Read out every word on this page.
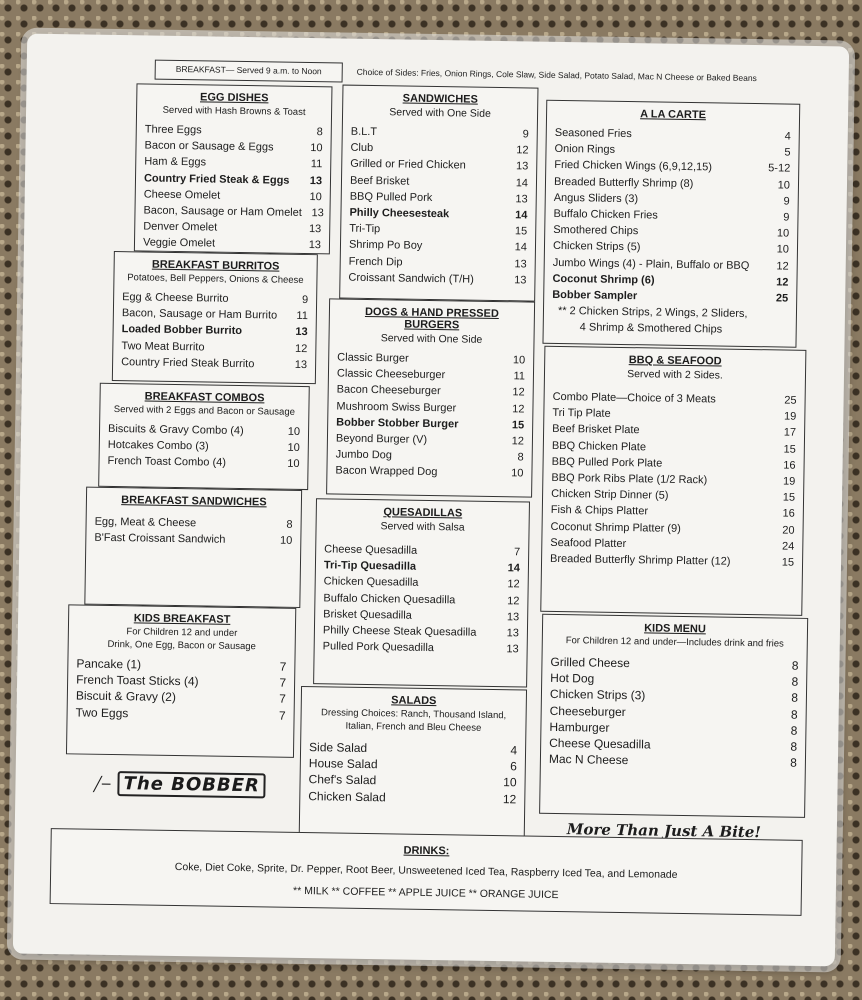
BREAKFAST— Served 9 a.m. to Noon	Choice of Sides: Fries, Onion Rings, Cole Slaw, Side Salad, Potato Salad, Mac N Cheese or Baked Beans
EGG DISHES
Served with Hash Browns & Toast
Three Eggs	8
Bacon or Sausage & Eggs	10
Ham & Eggs	11
Country Fried Steak & Eggs	13
Cheese Omelet	10
Bacon, Sausage or Ham Omelet 13
Denver Omelet	13
Veggie Omelet	13
BREAKFAST BURRITOS
Potatoes, Bell Peppers, Onions & Cheese
Egg & Cheese Burrito	9
Bacon, Sausage or Ham Burrito	11
Loaded Bobber Burrito	13
Two Meat Burrito	12
Country Fried Steak Burrito	13
BREAKFAST COMBOS
Served with 2 Eggs and Bacon or Sausage
Biscuits & Gravy Combo (4)	10
Hotcakes Combo (3)	10
French Toast Combo (4)	10
BREAKFAST SANDWICHES
Egg, Meat & Cheese	8
B'Fast Croissant Sandwich	10
KIDS BREAKFAST
For Children 12 and under
Drink, One Egg, Bacon or Sausage
Pancake (1)	7
French Toast Sticks (4)	7
Biscuit & Gravy (2)	7
Two Eggs	7
╱─ The BOBBER
SANDWICHES
Served with One Side
B.L.T	9
Club	12
Grilled or Fried Chicken	13
Beef Brisket	14
BBQ Pulled Pork	13
Philly Cheesesteak	14
Tri-Tip	15
Shrimp Po Boy	14
French Dip	13
Croissant Sandwich (T/H)	13
DOGS & HAND PRESSED BURGERS
Served with One Side
Classic Burger	10
Classic Cheeseburger	11
Bacon Cheeseburger	12
Mushroom Swiss Burger	12
Bobber Stobber Burger	15
Beyond Burger (V)	12
Jumbo Dog	8
Bacon Wrapped Dog	10
QUESADILLAS
Served with Salsa
Cheese Quesadilla	7
Tri-Tip Quesadilla	14
Chicken Quesadilla	12
Buffalo Chicken Quesadilla	12
Brisket Quesadilla	13
Philly Cheese Steak Quesadilla	13
Pulled Pork Quesadilla	13
SALADS
Dressing Choices: Ranch, Thousand Island,
Italian, French and Bleu Cheese
Side Salad	4
House Salad	6
Chef's Salad	10
Chicken Salad	12
A LA CARTE
Seasoned Fries	4
Onion Rings	5
Fried Chicken Wings (6,9,12,15)	5-12
Breaded Butterfly Shrimp (8)	10
Angus Sliders (3)	9
Buffalo Chicken Fries	9
Smothered Chips	10
Chicken Strips (5)	10
Jumbo Wings (4) - Plain, Buffalo or BBQ	12
Coconut Shrimp (6)	12
Bobber Sampler	25
** 2 Chicken Strips, 2 Wings, 2 Sliders,
4 Shrimp & Smothered Chips
BBQ & SEAFOOD
Served with 2 Sides.
Combo Plate—Choice of 3 Meats	25
Tri Tip Plate	19
Beef Brisket Plate	17
BBQ Chicken Plate	15
BBQ Pulled Pork Plate	16
BBQ Pork Ribs Plate (1/2 Rack)	19
Chicken Strip Dinner (5)	15
Fish & Chips Platter	16
Coconut Shrimp Platter (9)	20
Seafood Platter	24
Breaded Butterfly Shrimp Platter (12)	15
KIDS MENU
For Children 12 and under—Includes drink and fries
Grilled Cheese	8
Hot Dog	8
Chicken Strips (3)	8
Cheeseburger	8
Hamburger	8
Cheese Quesadilla	8
Mac N Cheese	8
More Than Just A Bite!
DRINKS:
Coke, Diet Coke, Sprite, Dr. Pepper, Root Beer, Unsweetened Iced Tea, Raspberry Iced Tea, and Lemonade
** MILK ** COFFEE ** APPLE JUICE ** ORANGE JUICE
